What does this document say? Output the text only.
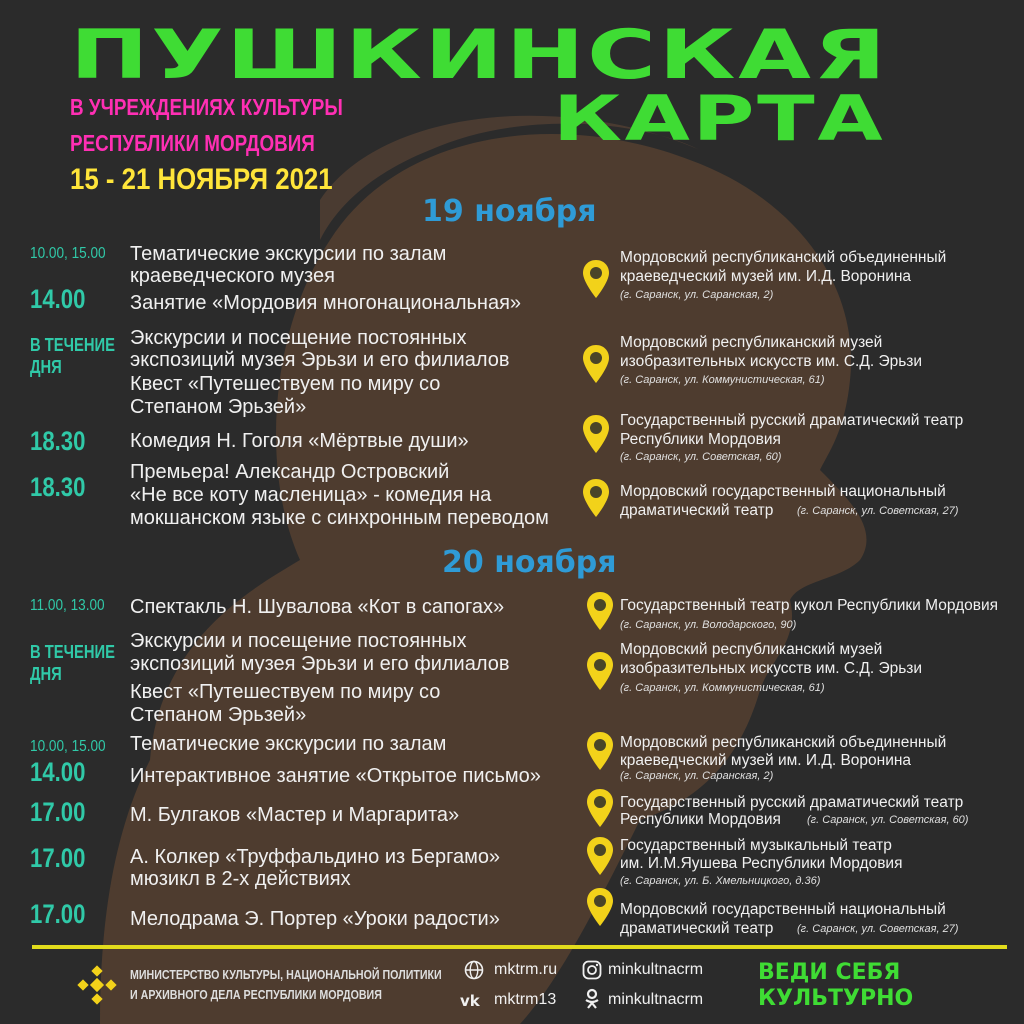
ПУШКИНСКАЯ
КАРТА
В УЧРЕЖДЕНИЯХ КУЛЬТУРЫ
РЕСПУБЛИКИ МОРДОВИЯ
15 - 21 НОЯБРЯ 2021
19 ноября
10.00, 15.00
14.00
В ТЕЧЕНИЕ ДНЯ
18.30
18.30
Тематические экскурсии по залам
краеведческого музея
Занятие «Мордовия многонациональная»
Экскурсии и посещение постоянных
экспозиций музея Эрьзи и его филиалов
Квест «Путешествуем по миру со
Степаном Эрьзей»
Комедия Н. Гоголя «Мёртвые души»
Премьера! Александр Островский
«Не все коту масленица» - комедия на
мокшанском языке с синхронным переводом
Мордовский республиканский объединенный
краеведческий музей им. И.Д. Воронина
(г. Саранск, ул. Саранская, 2)
Мордовский республиканский музей
изобразительных искусств им. С.Д. Эрьзи
(г. Саранск, ул. Коммунистическая, 61)
Государственный русский драматический театр
Республики Мордовия
(г. Саранск, ул. Советская, 60)
Мордовский государственный национальный
драматический театр (г. Саранск, ул. Советская, 27)
20 ноября
11.00, 13.00
В ТЕЧЕНИЕ ДНЯ
10.00, 15.00
14.00
17.00
17.00
17.00
Спектакль Н. Шувалова «Кот в сапогах»
Экскурсии и посещение постоянных
экспозиций музея Эрьзи и его филиалов
Квест «Путешествуем по миру со
Степаном Эрьзей»
Тематические экскурсии по залам
Интерактивное занятие «Открытое письмо»
М. Булгаков «Мастер и Маргарита»
А. Колкер «Труффальдино из Бергамо»
мюзикл в 2-х действиях
Мелодрама Э. Портер «Уроки радости»
Государственный театр кукол Республики Мордовия
(г. Саранск, ул. Володарского, 90)
Мордовский республиканский музей
изобразительных искусств им. С.Д. Эрьзи
(г. Саранск, ул. Коммунистическая, 61)
Мордовский республиканский объединенный
краеведческий музей им. И.Д. Воронина
(г. Саранск, ул. Саранская, 2)
Государственный русский драматический театр
Республики Мордовия (г. Саранск, ул. Советская, 60)
Государственный музыкальный театр
им. И.М.Яушева Республики Мордовия
(г. Саранск, ул. Б. Хмельницкого, д.36)
Мордовский государственный национальный
драматический театр (г. Саранск, ул. Советская, 27)
МИНИСТЕРСТВО КУЛЬТУРЫ, НАЦИОНАЛЬНОЙ ПОЛИТИКИ
И АРХИВНОГО ДЕЛА РЕСПУБЛИКИ МОРДОВИЯ
mktrm.ru
vk mktrm13
minkultnacrm
minkultnacrm
ВЕДИ СЕБЯ
КУЛЬТУРНО
